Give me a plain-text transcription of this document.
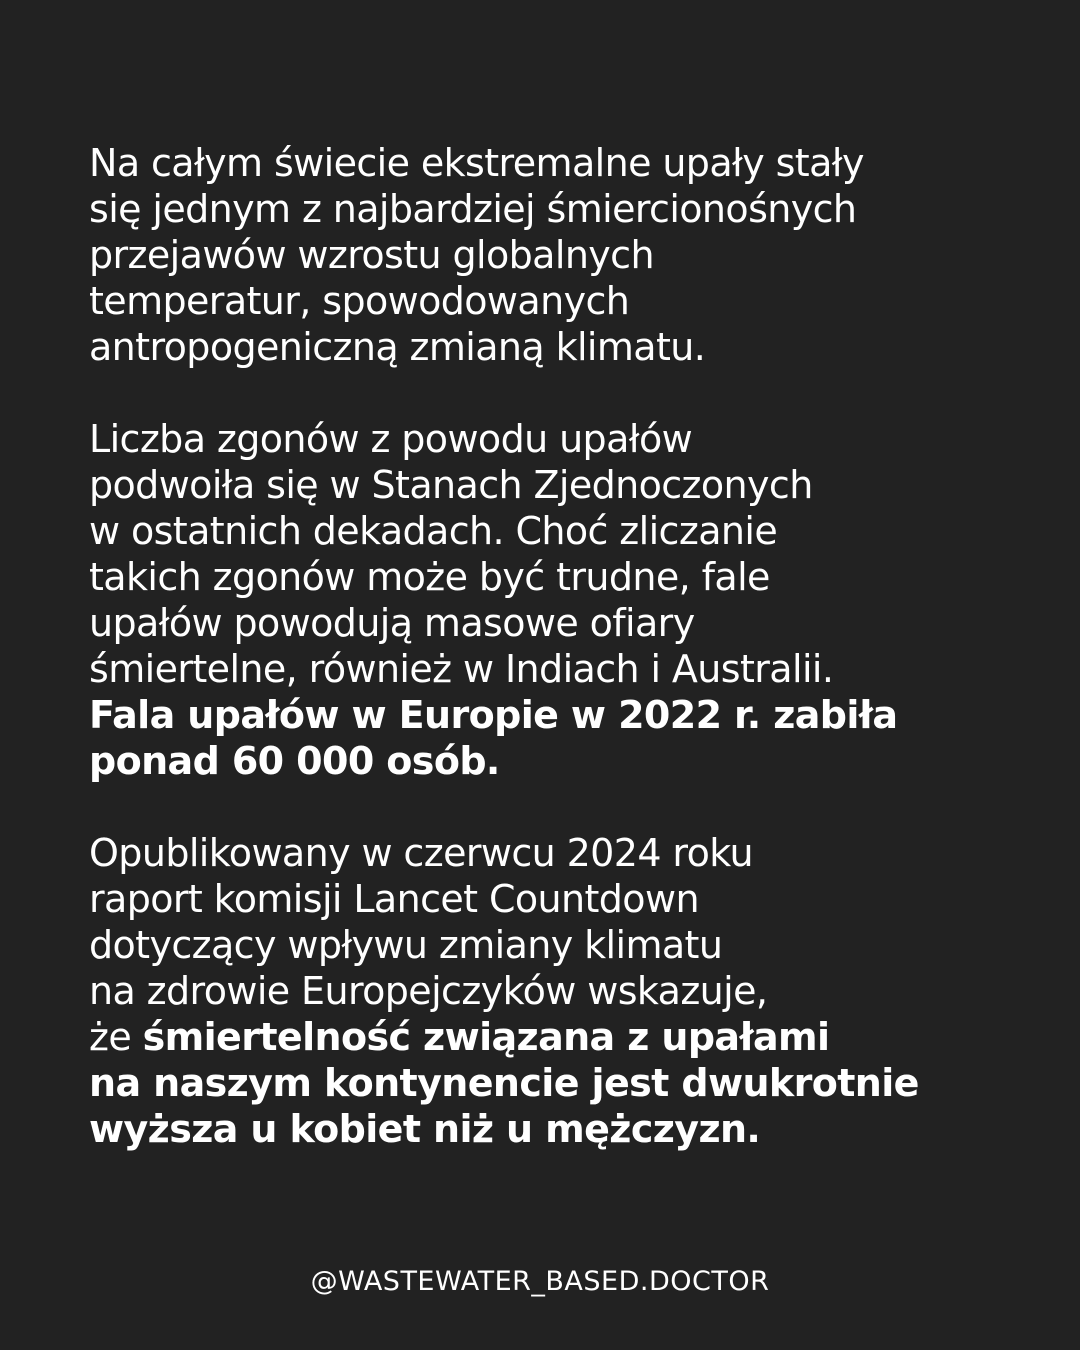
Na całym świecie ekstremalne upały stały
się jednym z najbardziej śmiercionośnych
przejawów wzrostu globalnych
temperatur, spowodowanych
antropogeniczną zmianą klimatu.
Liczba zgonów z powodu upałów
podwoiła się w Stanach Zjednoczonych
w ostatnich dekadach. Choć zliczanie
takich zgonów może być trudne, fale
upałów powodują masowe ofiary
śmiertelne, również w Indiach i Australii.
Fala upałów w Europie w 2022 r. zabiła
ponad 60 000 osób.
Opublikowany w czerwcu 2024 roku
raport komisji Lancet Countdown
dotyczący wpływu zmiany klimatu
na zdrowie Europejczyków wskazuje,
że śmiertelność związana z upałami
na naszym kontynencie jest dwukrotnie
wyższa u kobiet niż u mężczyzn.
@WASTEWATER_BASED.DOCTOR
